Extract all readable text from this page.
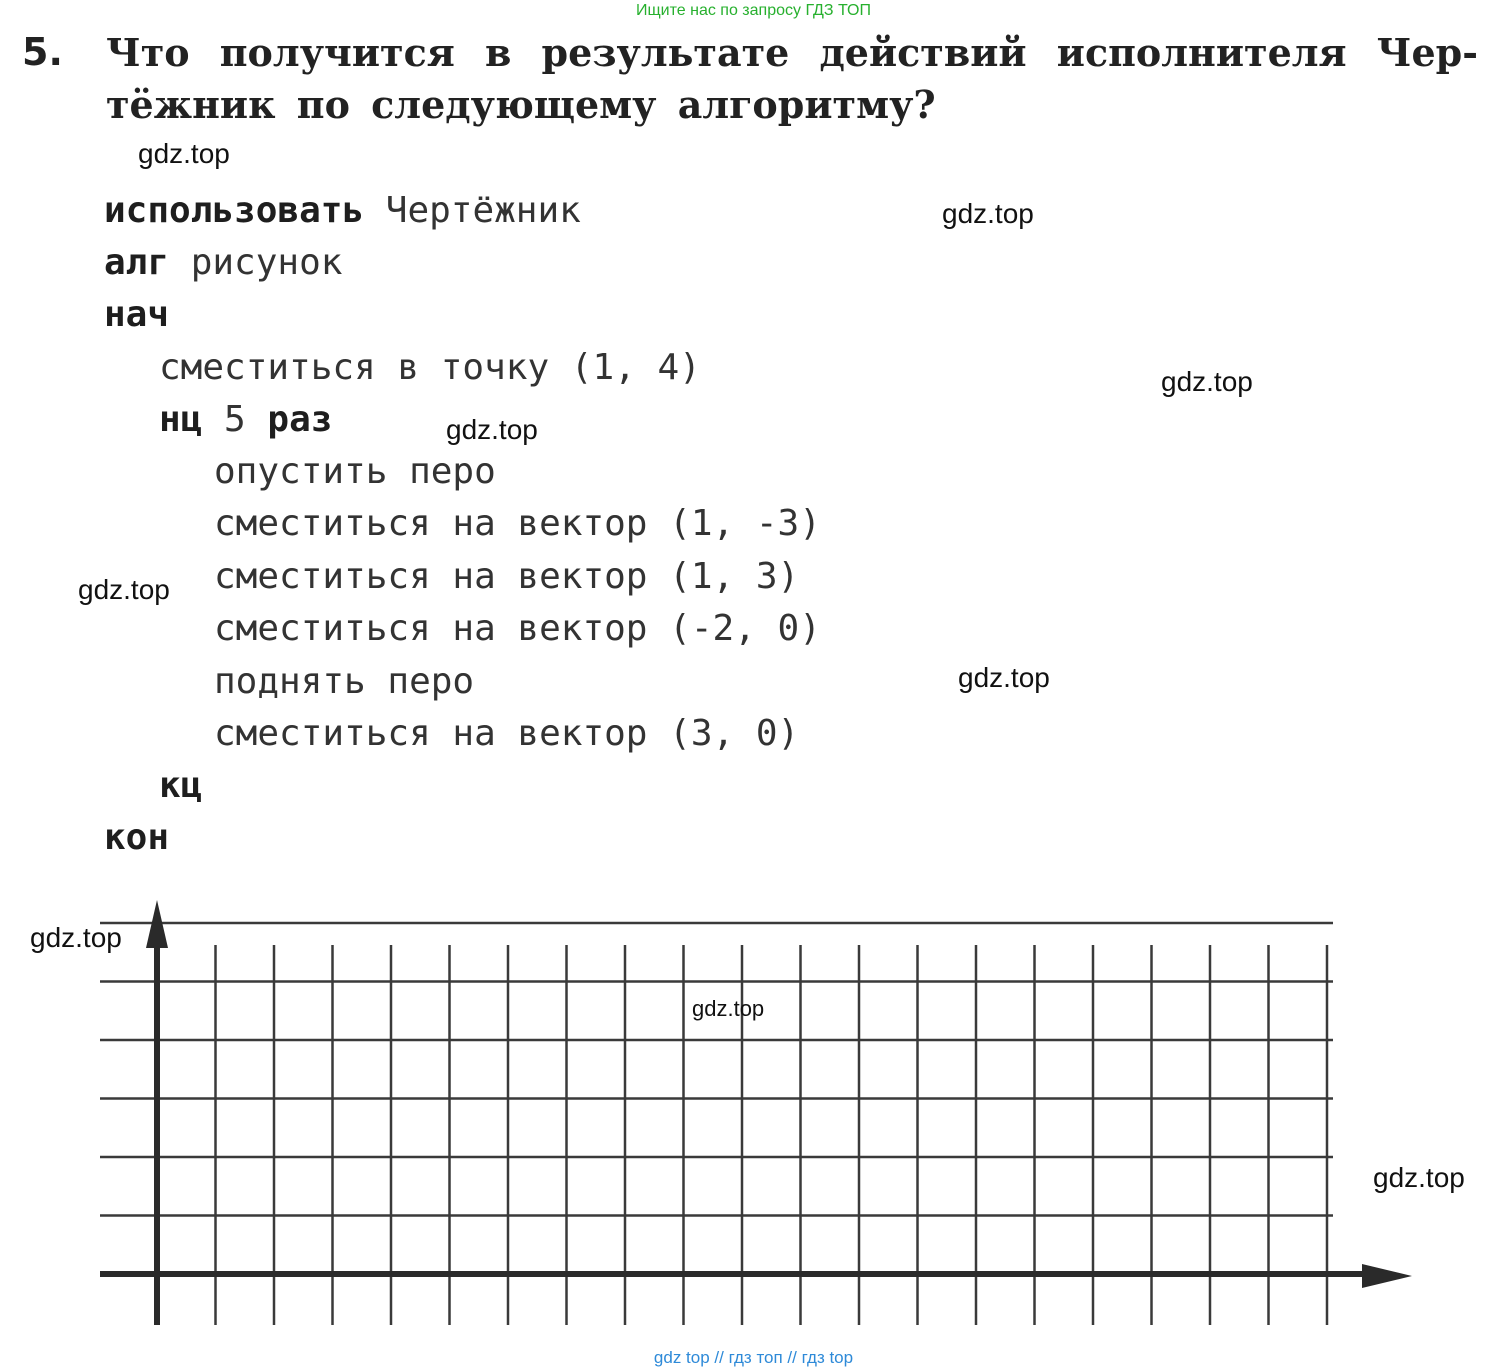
Ищите нас по запросу ГДЗ ТОП
5. Что получится в результате действий исполнителя Чер-
тёжник по следующему алгоритму?

использовать Чертёжник

алг рисунок

нач

сместиться в точку (1, 4)

нц 5 раз

опустить перо

сместиться на вектор (1, -3)

сместиться на вектор (1, 3)

сместиться на вектор (-2, 0)

поднять перо

сместиться на вектор (3, 0)

кц

кон

gdz.top
gdz.top
gdz.top
gdz.top
gdz.top
gdz.top
gdz.top
gdz.top
gdz.top
gdz top // гдз топ // гдз top
